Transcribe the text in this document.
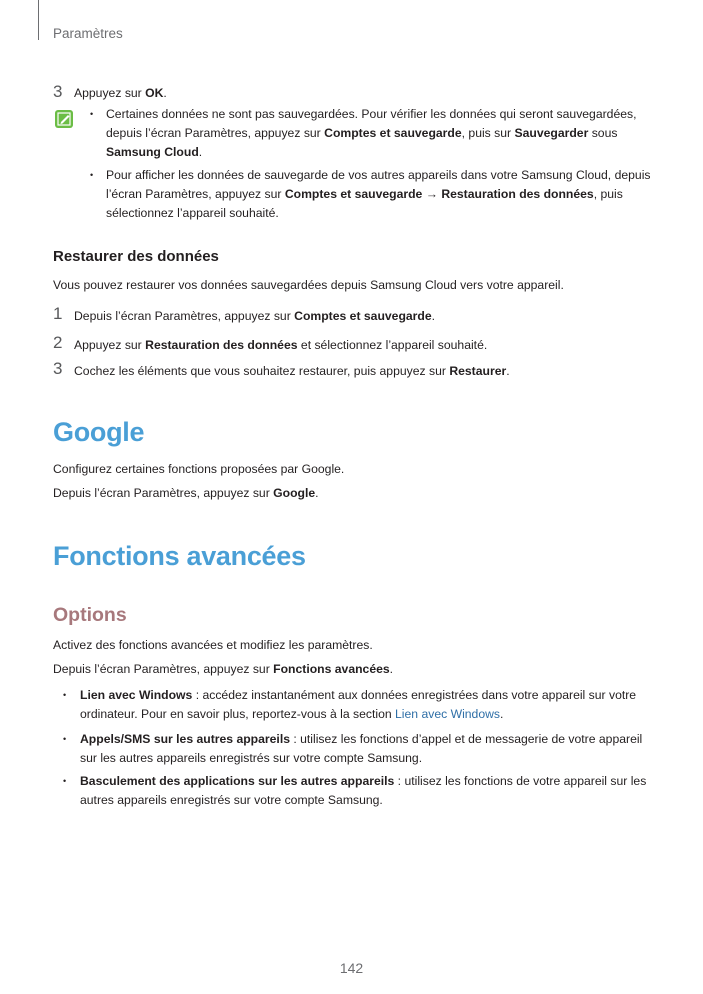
Paramètres
3 Appuyez sur OK.
• Certaines données ne sont pas sauvegardées. Pour vérifier les données qui seront sauvegardées,
depuis l’écran Paramètres, appuyez sur Comptes et sauvegarde, puis sur Sauvegarder sous
Samsung Cloud.
• Pour afficher les données de sauvegarde de vos autres appareils dans votre Samsung Cloud, depuis
l’écran Paramètres, appuyez sur Comptes et sauvegarde → Restauration des données, puis
sélectionnez l’appareil souhaité.
Restaurer des données
Vous pouvez restaurer vos données sauvegardées depuis Samsung Cloud vers votre appareil.
1 Depuis l’écran Paramètres, appuyez sur Comptes et sauvegarde.
2 Appuyez sur Restauration des données et sélectionnez l’appareil souhaité.
3 Cochez les éléments que vous souhaitez restaurer, puis appuyez sur Restaurer.
Google
Configurez certaines fonctions proposées par Google.
Depuis l’écran Paramètres, appuyez sur Google.
Fonctions avancées
Options
Activez des fonctions avancées et modifiez les paramètres.
Depuis l’écran Paramètres, appuyez sur Fonctions avancées.
• Lien avec Windows : accédez instantanément aux données enregistrées dans votre appareil sur votre
ordinateur. Pour en savoir plus, reportez-vous à la section Lien avec Windows.
• Appels/SMS sur les autres appareils : utilisez les fonctions d’appel et de messagerie de votre appareil
sur les autres appareils enregistrés sur votre compte Samsung.
• Basculement des applications sur les autres appareils : utilisez les fonctions de votre appareil sur les
autres appareils enregistrés sur votre compte Samsung.
142
